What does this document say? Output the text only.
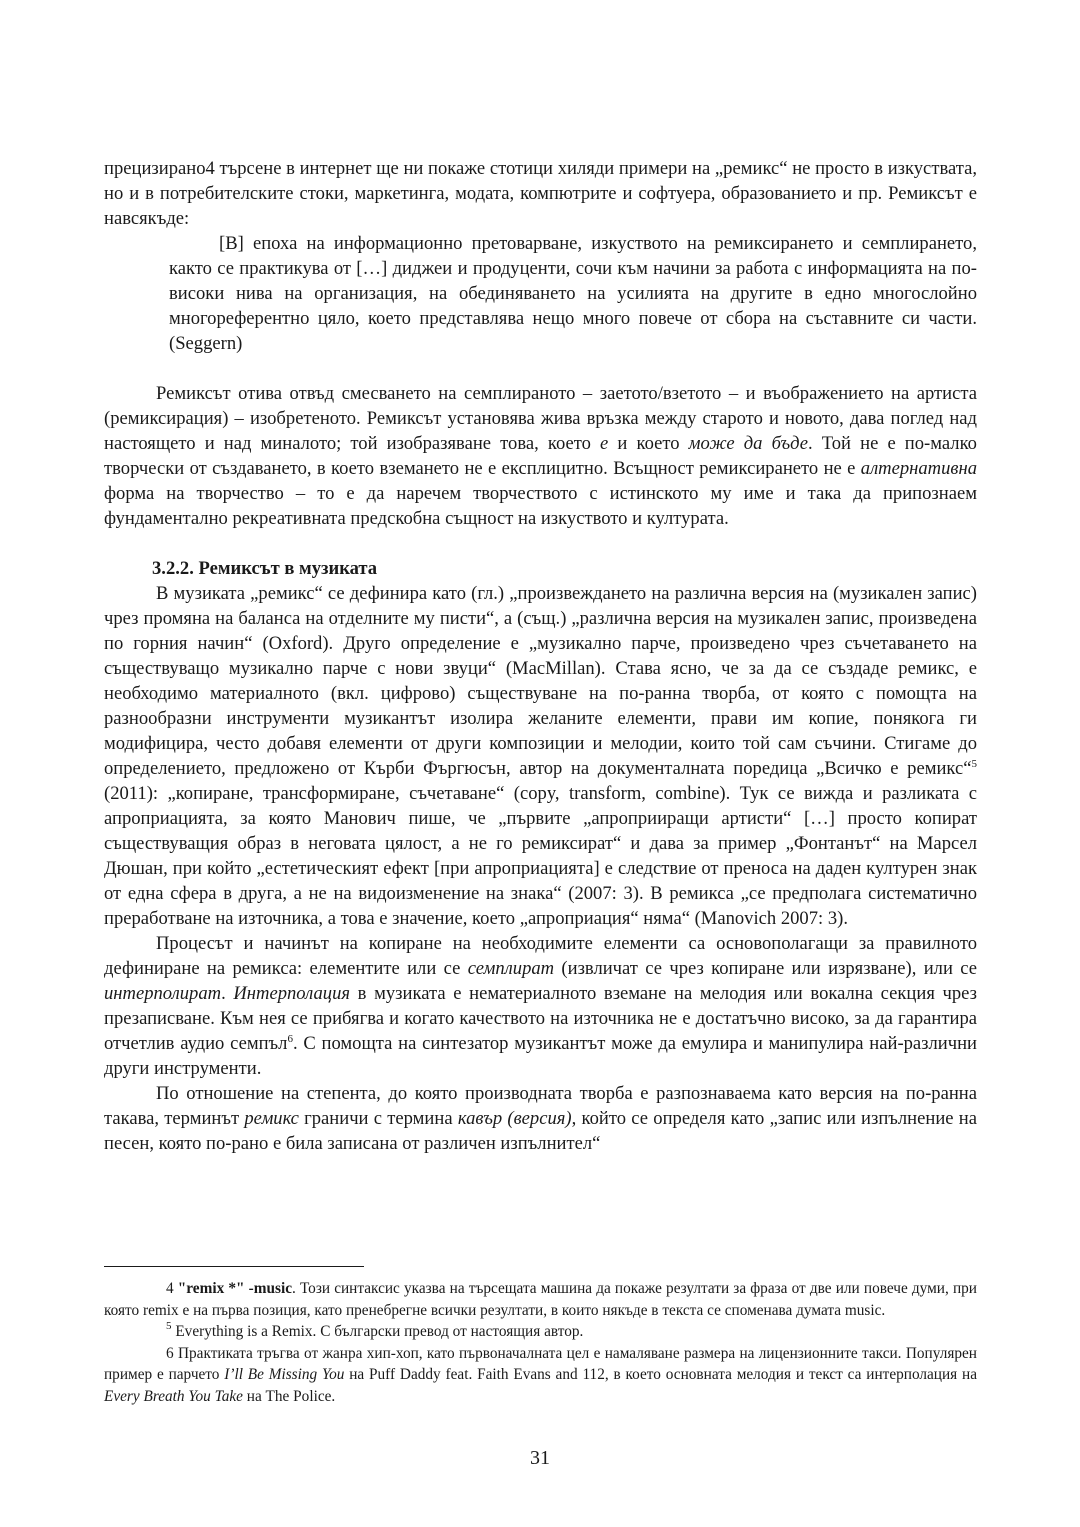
прецизирано4 търсене в интернет ще ни покаже стотици хиляди примери на „ремикс“ не просто в изкуствата, но и в потребителските стоки, маркетинга, модата, компютрите и софтуера, образованието и пр. Ремиксът е навсякъде:

[В] епоха на информационно претоварване, изкуството на ремиксирането и семплирането, както се практикува от […] диджеи и продуценти, сочи към начини за работа с информацията на по-високи нива на организация, на обединяването на усилията на другите в едно многослойно многореферентно цяло, което представлява нещо много повече от сбора на съставните си части. (Seggern)

Ремиксът отива отвъд смесването на семплираното – заетото/взетото – и въображението на артиста (ремиксирация) – изобретеното. Ремиксът установява жива връзка между старото и новото, дава поглед над настоящето и над миналото; той изобразяване това, което е и което може да бъде. Той не е по-малко творчески от създаването, в което вземането не е експлицитно. Всъщност ремиксирането не е алтернативна форма на творчество – то е да наречем творчеството с истинското му име и така да припознаем фундаментално рекреативната предскобна същност на изкуството и културата.

3.2.2. Ремиксът в музиката

В музиката „ремикс“ се дефинира като (гл.) „произвеждането на различна версия на (музикален запис) чрез промяна на баланса на отделните му писти“, а (същ.) „различна версия на музикален запис, произведена по горния начин“ (Oxford). Друго определение е „музикално парче, произведено чрез съчетаването на съществуващо музикално парче с нови звуци“ (MacMillan). Става ясно, че за да се създаде ремикс, е необходимо материалното (вкл. цифрово) съществуване на по-ранна творба, от която с помощта на разнообразни инструменти музикантът изолира желаните елементи, прави им копие, понякога ги модифицира, често добавя елементи от други композиции и мелодии, които той сам съчини. Стигаме до определението, предложено от Кърби Фъргюсън, автор на документалната поредица „Всичко е ремикс“$^5$ (2011): „копиране, трансформиране, съчетаване“ (copy, transform, combine). Тук се вижда и разликата с апроприацията, за която Манович пише, че „първите „апроприиращи артисти“ […] просто копират съществуващия образ в неговата цялост, а не го ремиксират“ и дава за пример „Фонтанът“ на Марсел Дюшан, при който „естетическият ефект [при апроприацията] е следствие от преноса на даден културен знак от една сфера в друга, а не на видоизменение на знака“ (2007: 3). В ремикса „се предполага систематично преработване на източника, а това е значение, което „апроприация“ няма“ (Manovich 2007: 3).

Процесът и начинът на копиране на необходимите елементи са основополагащи за правилното дефиниране на ремикса: елементите или се семплират (извличат се чрез копиране или изрязване), или се интерполират. Интерполация в музиката е нематериалното вземане на мелодия или вокална секция чрез презаписване. Към нея се прибягва и когато качеството на източника не е достатъчно високо, за да гарантира отчетлив аудио семпъл$^6$. С помощта на синтезатор музикантът може да емулира и манипулира най-различни други инструменти.

По отношение на степента, до която производната творба е разпознаваема като версия на по-ранна такава, терминът ремикс граничи с термина кавър (версия), който се определя като „запис или изпълнение на песен, която по-рано е била записана от различен изпълнител“

4 "remix *" -music. Този синтаксис указва на търсещата машина да покаже резултати за фраза от две или повече думи, при която remix е на първа позиция, като пренебрегне всички резултати, в които някъде в текста се споменава думата music.

$^5$ Everything is a Remix. С български превод от настоящия автор.

6 Практиката тръгва от жанра хип-хоп, като първоначалната цел е намаляване размера на лицензионните такси. Популярен пример е парчето I’ll Be Missing You на Puff Daddy feat. Faith Evans and 112, в което основната мелодия и текст са интерполация на Every Breath You Take на The Police.

31
